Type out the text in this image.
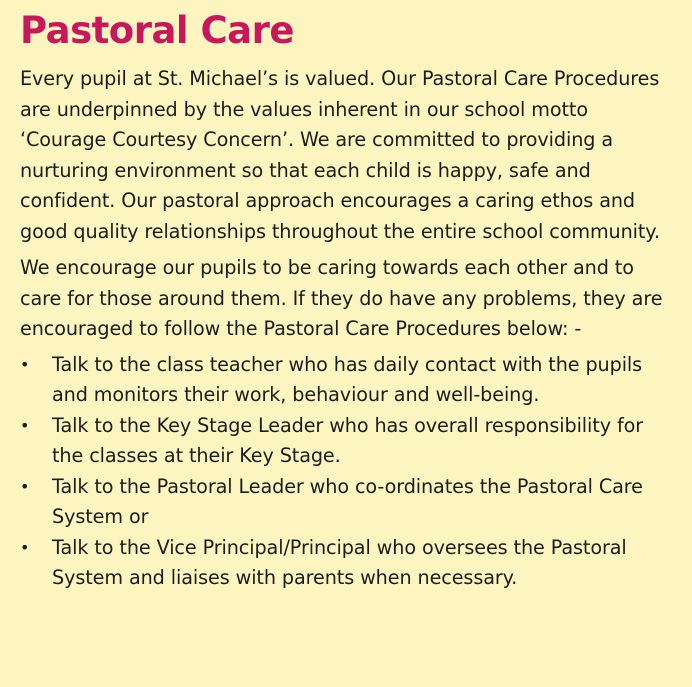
Pastoral Care

Every pupil at St. Michael’s is valued. Our Pastoral Care Procedures are underpinned by the values inherent in our school motto ‘Courage Courtesy Concern’. We are committed to providing a nurturing environment so that each child is happy, safe and confident. Our pastoral approach encourages a caring ethos and good quality relationships throughout the entire school community.

We encourage our pupils to be caring towards each other and to care for those around them. If they do have any problems, they are encouraged to follow the Pastoral Care Procedures below: -

•	Talk to the class teacher who has daily contact with the pupils and monitors their work, behaviour and well-being.
•	Talk to the Key Stage Leader who has overall responsibility for the classes at their Key Stage.
•	Talk to the Pastoral Leader who co-ordinates the Pastoral Care System or
•	Talk to the Vice Principal/Principal who oversees the Pastoral System and liaises with parents when necessary.
